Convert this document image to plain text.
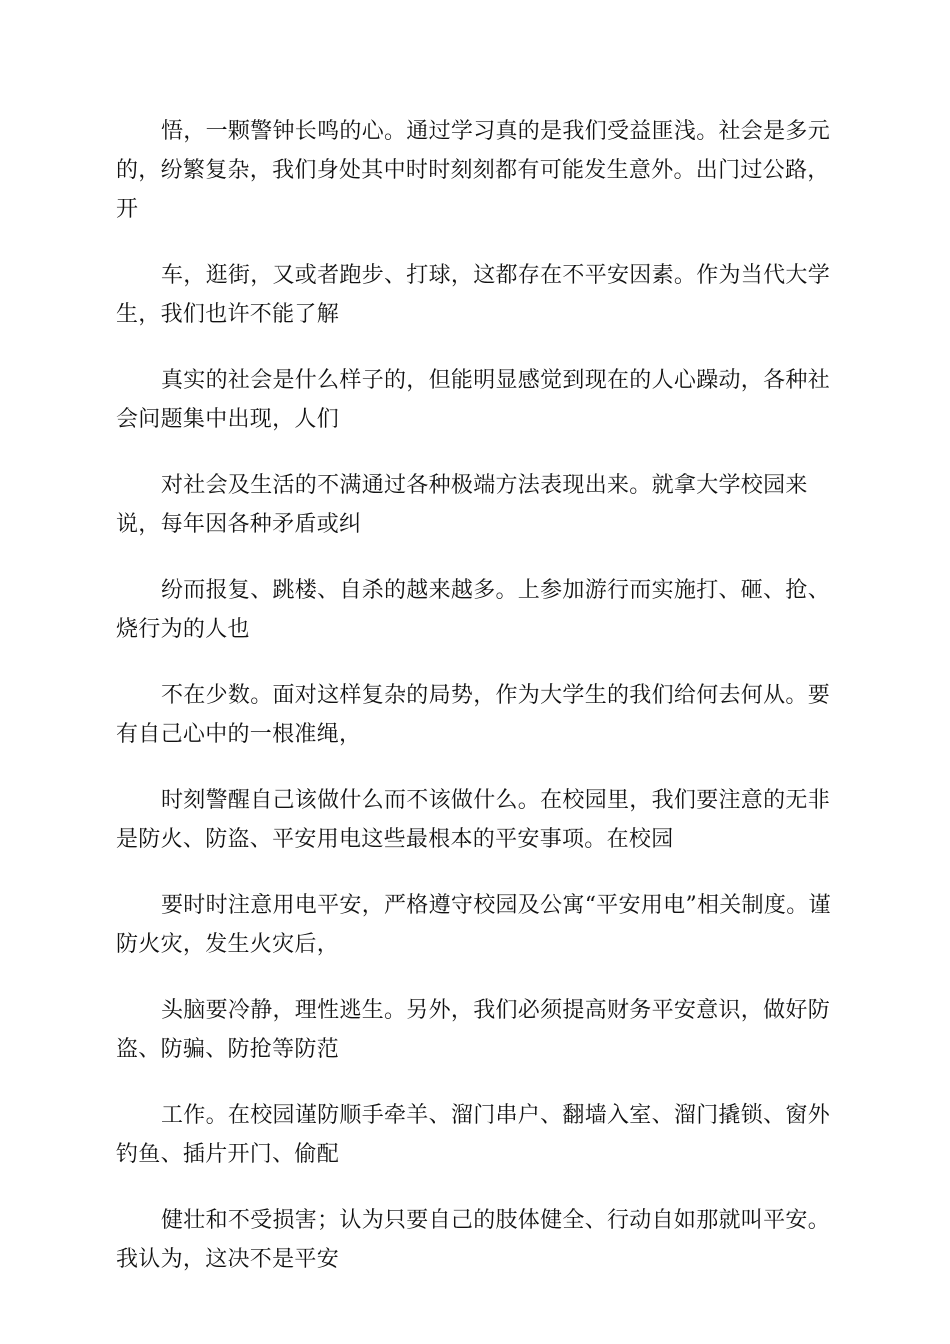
悟，一颗警钟长鸣的心。通过学习真的是我们受益匪浅。社会是多元的，纷繁复杂，我们身处其中时时刻刻都有可能发生意外。出门过公路，
开

车，逛街，又或者跑步、打球，这都存在不平安因素。作为当代大学生，我们也许不能了解

真实的社会是什么样子的，但能明显感觉到现在的人心躁动，各种社会问题集中出现，人们

对社会及生活的不满通过各种极端方法表现出来。就拿大学校园来说，每年因各种矛盾或纠

纷而报复、跳楼、自杀的越来越多。上参加游行而实施打、砸、抢、烧行为的人也

不在少数。面对这样复杂的局势，作为大学生的我们给何去何从。要有自己心中的一根准绳，

时刻警醒自己该做什么而不该做什么。在校园里，我们要注意的无非是防火、防盗、平安用电这些最根本的平安事项。在校园

要时时注意用电平安，严格遵守校园及公寓“平安用电”相关制度。谨防火灾，发生火灾后，

头脑要冷静，理性逃生。另外，我们必须提高财务平安意识，做好防盗、防骗、防抢等防范

工作。在校园谨防顺手牵羊、溜门串户、翻墙入室、溜门撬锁、窗外钓鱼、插片开门、偷配

健壮和不受损害；认为只要自己的肢体健全、行动自如那就叫平安。我认为，这决不是平安
